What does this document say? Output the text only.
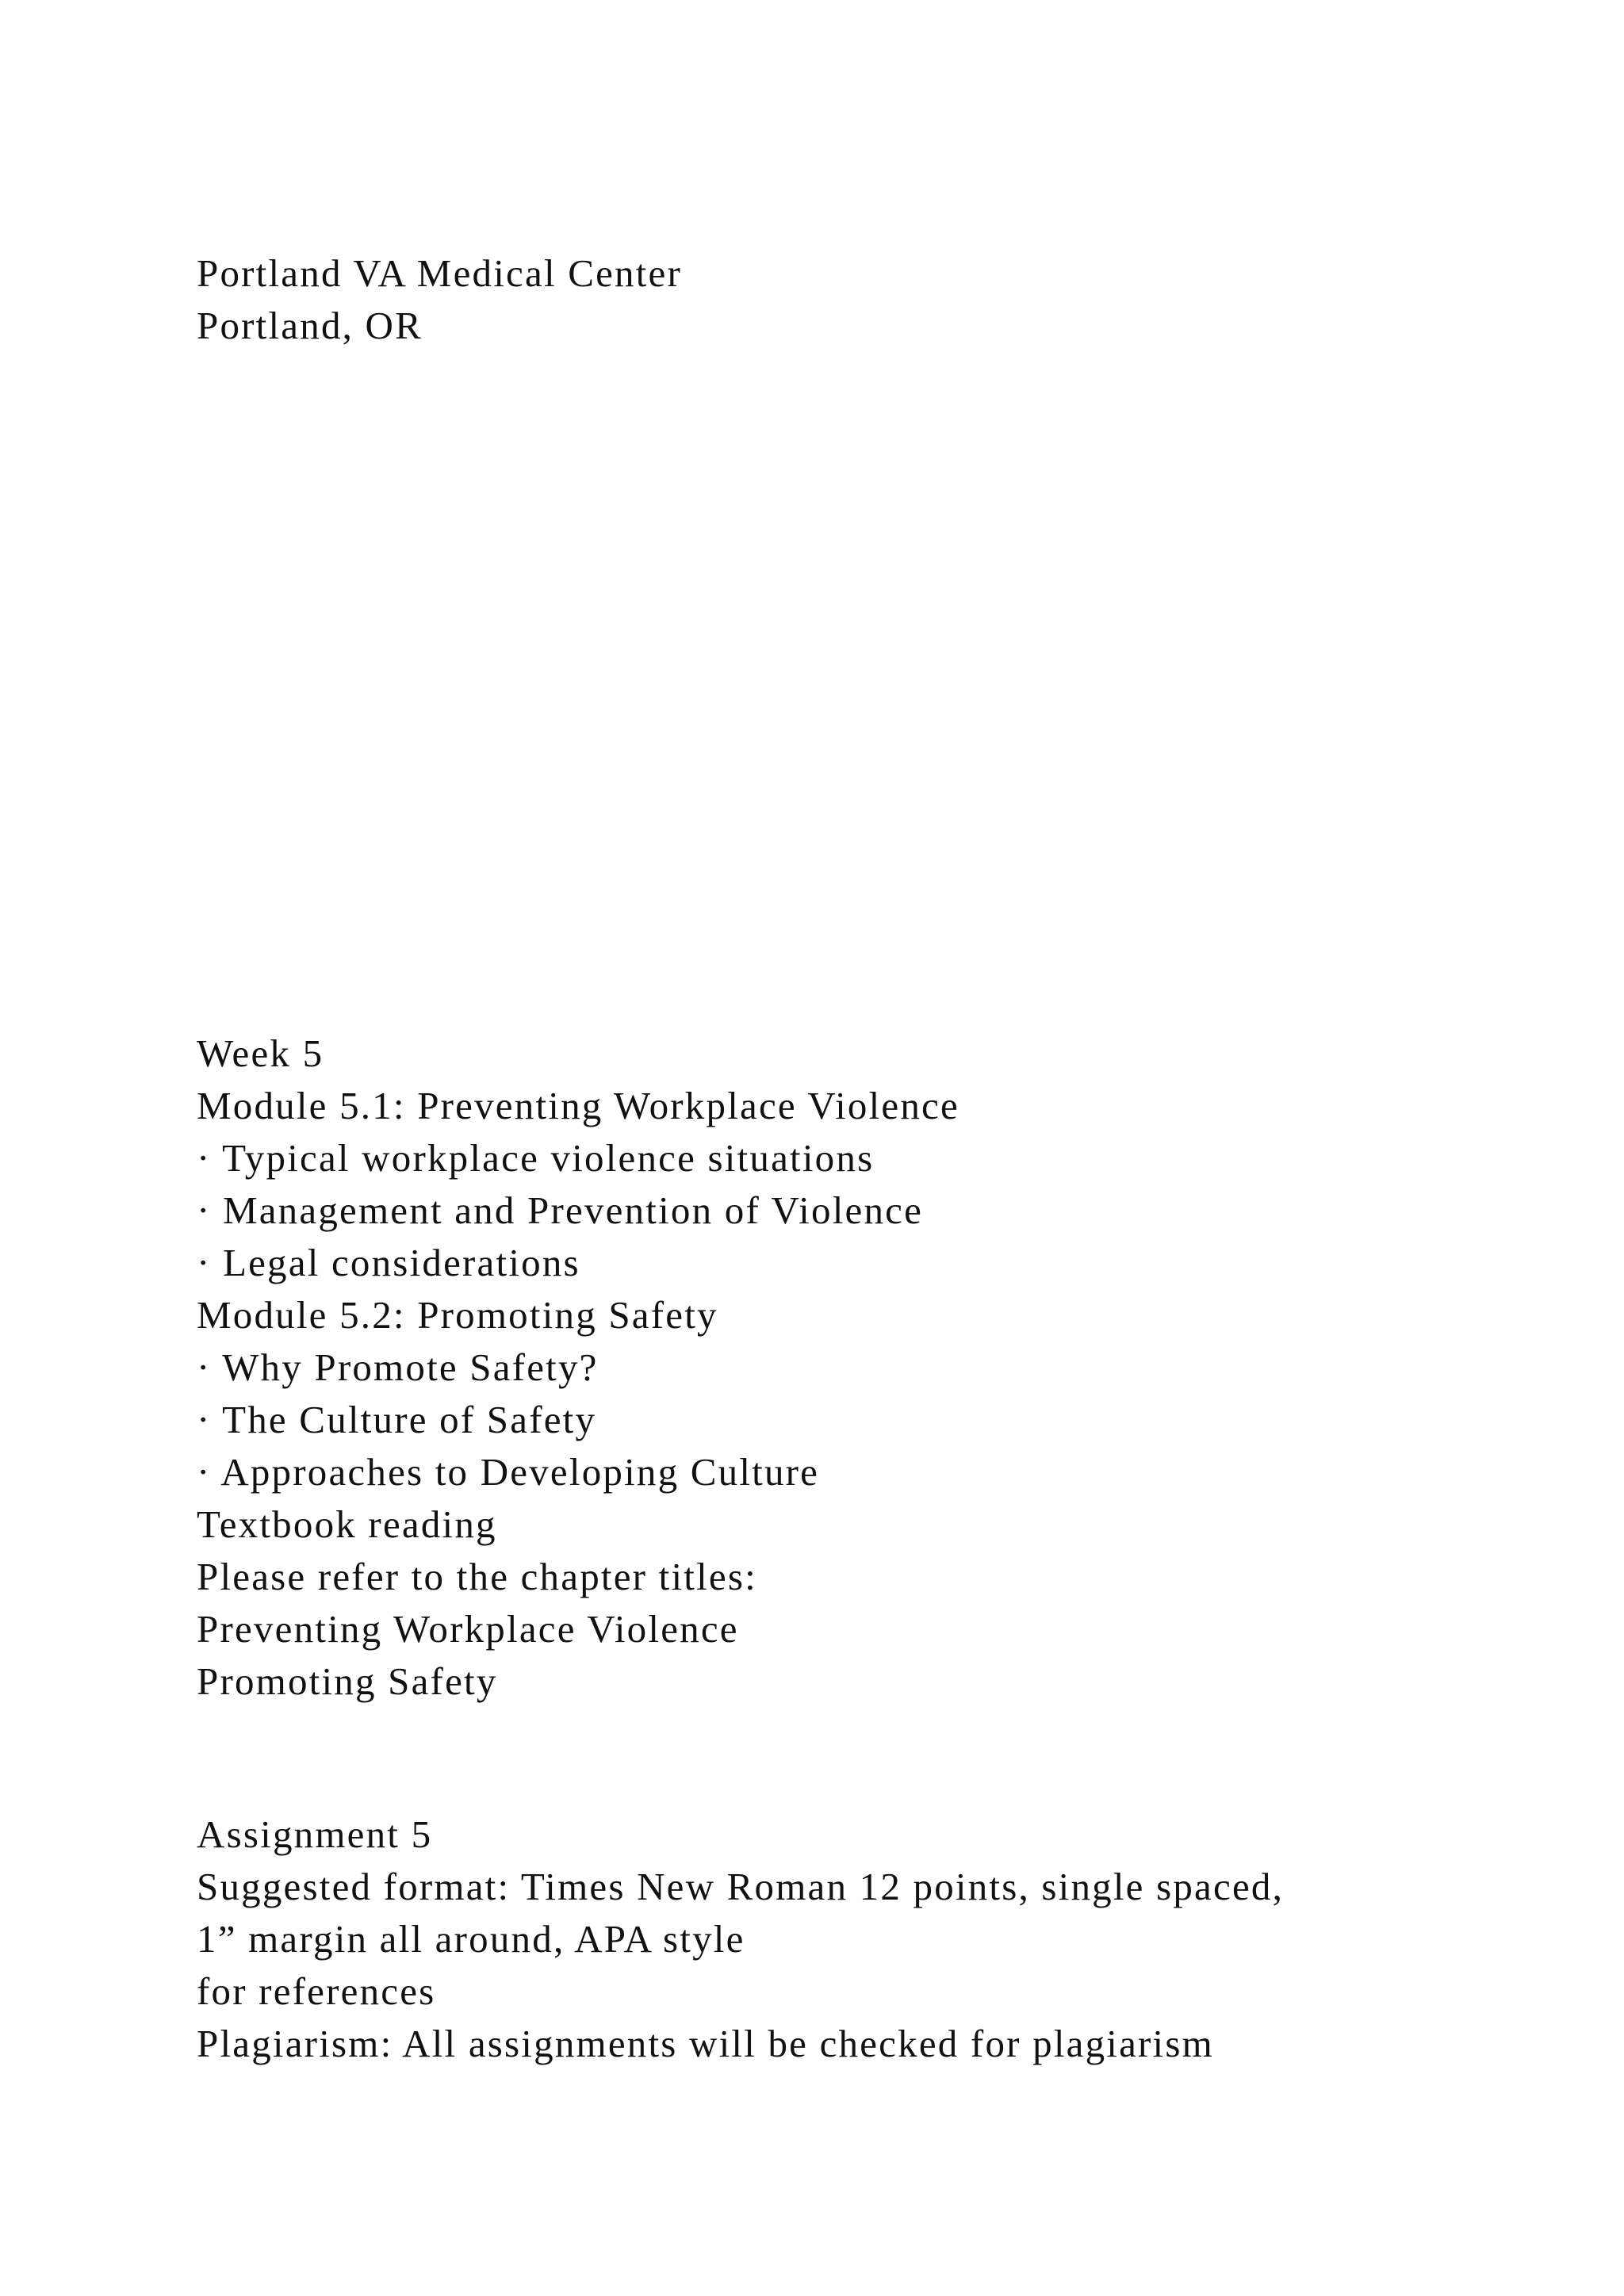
Portland VA Medical Center
Portland, OR
Week 5
Module 5.1: Preventing Workplace Violence
· Typical workplace violence situations
· Management and Prevention of Violence
· Legal considerations
Module 5.2: Promoting Safety
· Why Promote Safety?
· The Culture of Safety
· Approaches to Developing Culture
Textbook reading
Please refer to the chapter titles:
Preventing Workplace Violence
Promoting Safety
Assignment 5
Suggested format: Times New Roman 12 points, single spaced,
1” margin all around, APA style
for references
Plagiarism: All assignments will be checked for plagiarism
